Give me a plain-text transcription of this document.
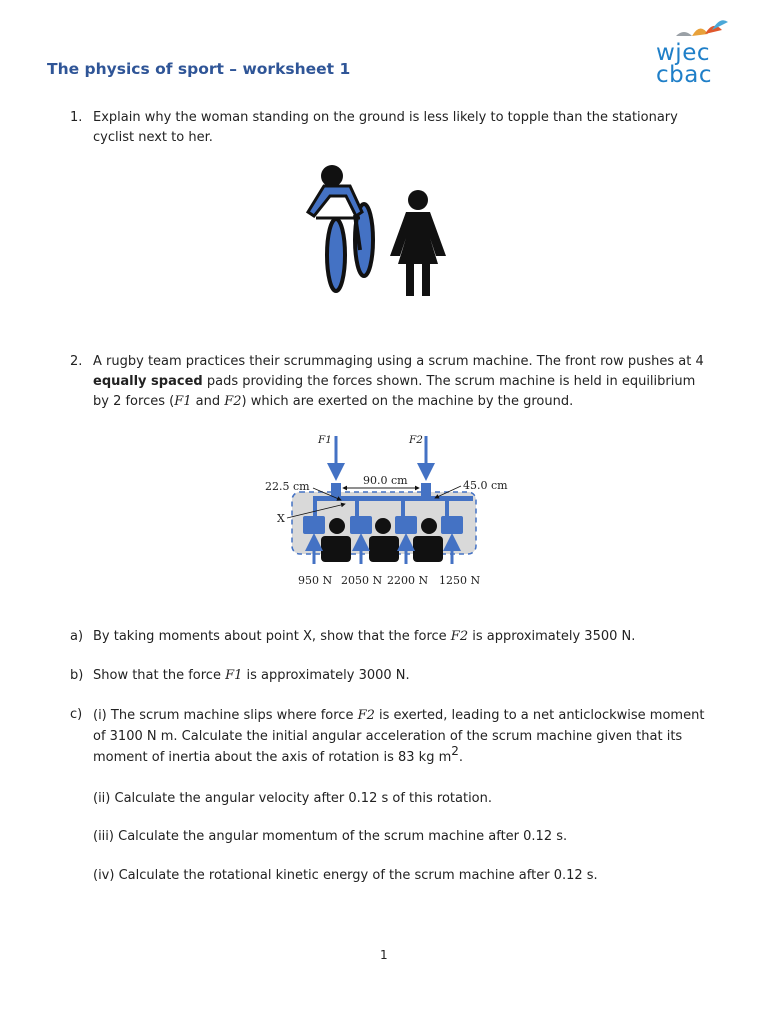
The physics of sport – worksheet 1
wjec
cbac
1. Explain why the woman standing on the ground is less likely to topple than the stationary cyclist next to her.

2. A rugby team practices their scrummaging using a scrum machine. The front row pushes at 4 equally spaced pads providing the forces shown. The scrum machine is held in equilibrium by 2 forces (F1 and F2) which are exerted on the machine by the ground.

F1	F2
90.0 cm
22.5 cm	45.0 cm
X
950 N 2050 N 2200 N 1250 N
a) By taking moments about point X, show that the force F2 is approximately 3500 N.

b) Show that the force F1 is approximately 3000 N.

c) (i) The scrum machine slips where force F2 is exerted, leading to a net anticlockwise moment of 3100 N m. Calculate the initial angular acceleration of the scrum machine given that its moment of inertia about the axis of rotation is 83 kg $m^2$.

(ii) Calculate the angular velocity after 0.12 s of this rotation.

(iii) Calculate the angular momentum of the scrum machine after 0.12 s.

(iv) Calculate the rotational kinetic energy of the scrum machine after 0.12 s.

1
